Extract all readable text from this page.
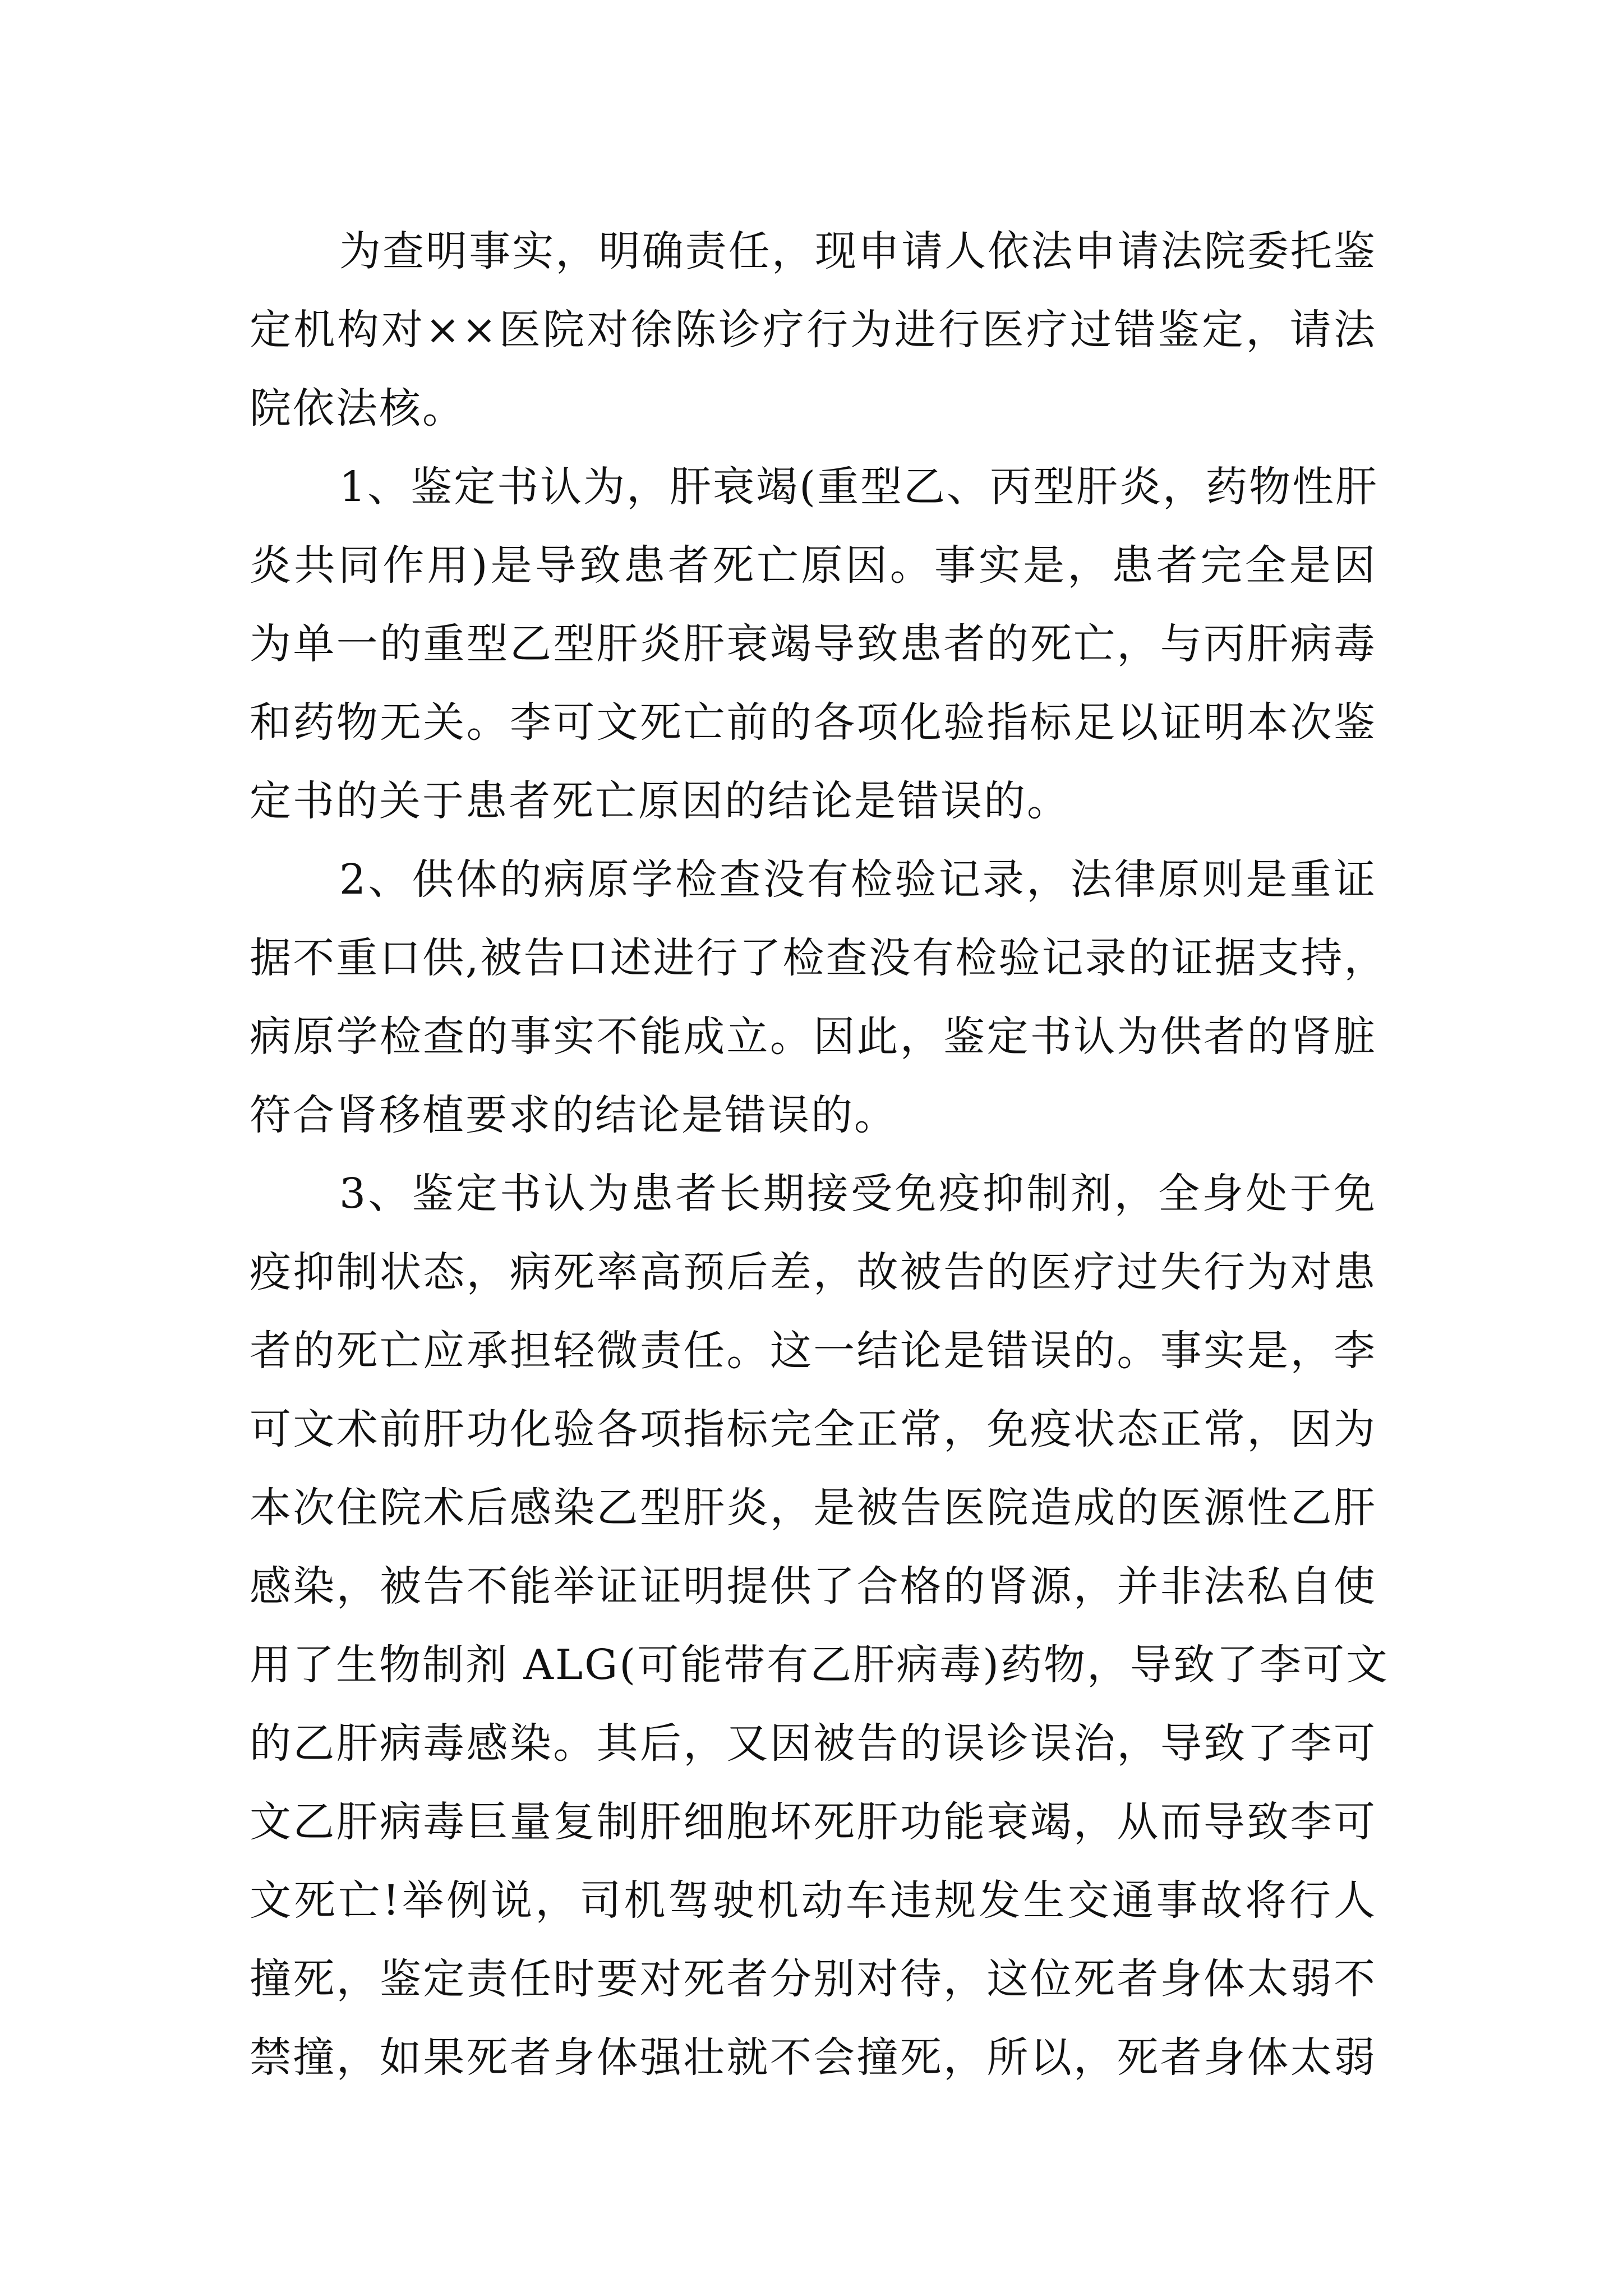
为查明事实，明确责任，现申请人依法申请法院委托鉴
定机构对××医院对徐陈诊疗行为进行医疗过错鉴定，请法
院依法核。
1、鉴定书认为，肝衰竭(重型乙、丙型肝炎，药物性肝
炎共同作用)是导致患者死亡原因。事实是，患者完全是因
为单一的重型乙型肝炎肝衰竭导致患者的死亡，与丙肝病毒
和药物无关。李可文死亡前的各项化验指标足以证明本次鉴
定书的关于患者死亡原因的结论是错误的。
2、供体的病原学检查没有检验记录，法律原则是重证
据不重口供,被告口述进行了检查没有检验记录的证据支持，
病原学检查的事实不能成立。因此，鉴定书认为供者的肾脏
符合肾移植要求的结论是错误的。
3、鉴定书认为患者长期接受免疫抑制剂，全身处于免
疫抑制状态，病死率高预后差，故被告的医疗过失行为对患
者的死亡应承担轻微责任。这一结论是错误的。事实是，李
可文术前肝功化验各项指标完全正常，免疫状态正常，因为
本次住院术后感染乙型肝炎，是被告医院造成的医源性乙肝
感染，被告不能举证证明提供了合格的肾源，并非法私自使
用了生物制剂 ALG(可能带有乙肝病毒)药物，导致了李可文
的乙肝病毒感染。其后，又因被告的误诊误治，导致了李可
文乙肝病毒巨量复制肝细胞坏死肝功能衰竭，从而导致李可
文死亡!举例说，司机驾驶机动车违规发生交通事故将行人
撞死，鉴定责任时要对死者分别对待，这位死者身体太弱不
禁撞，如果死者身体强壮就不会撞死，所以，死者身体太弱
